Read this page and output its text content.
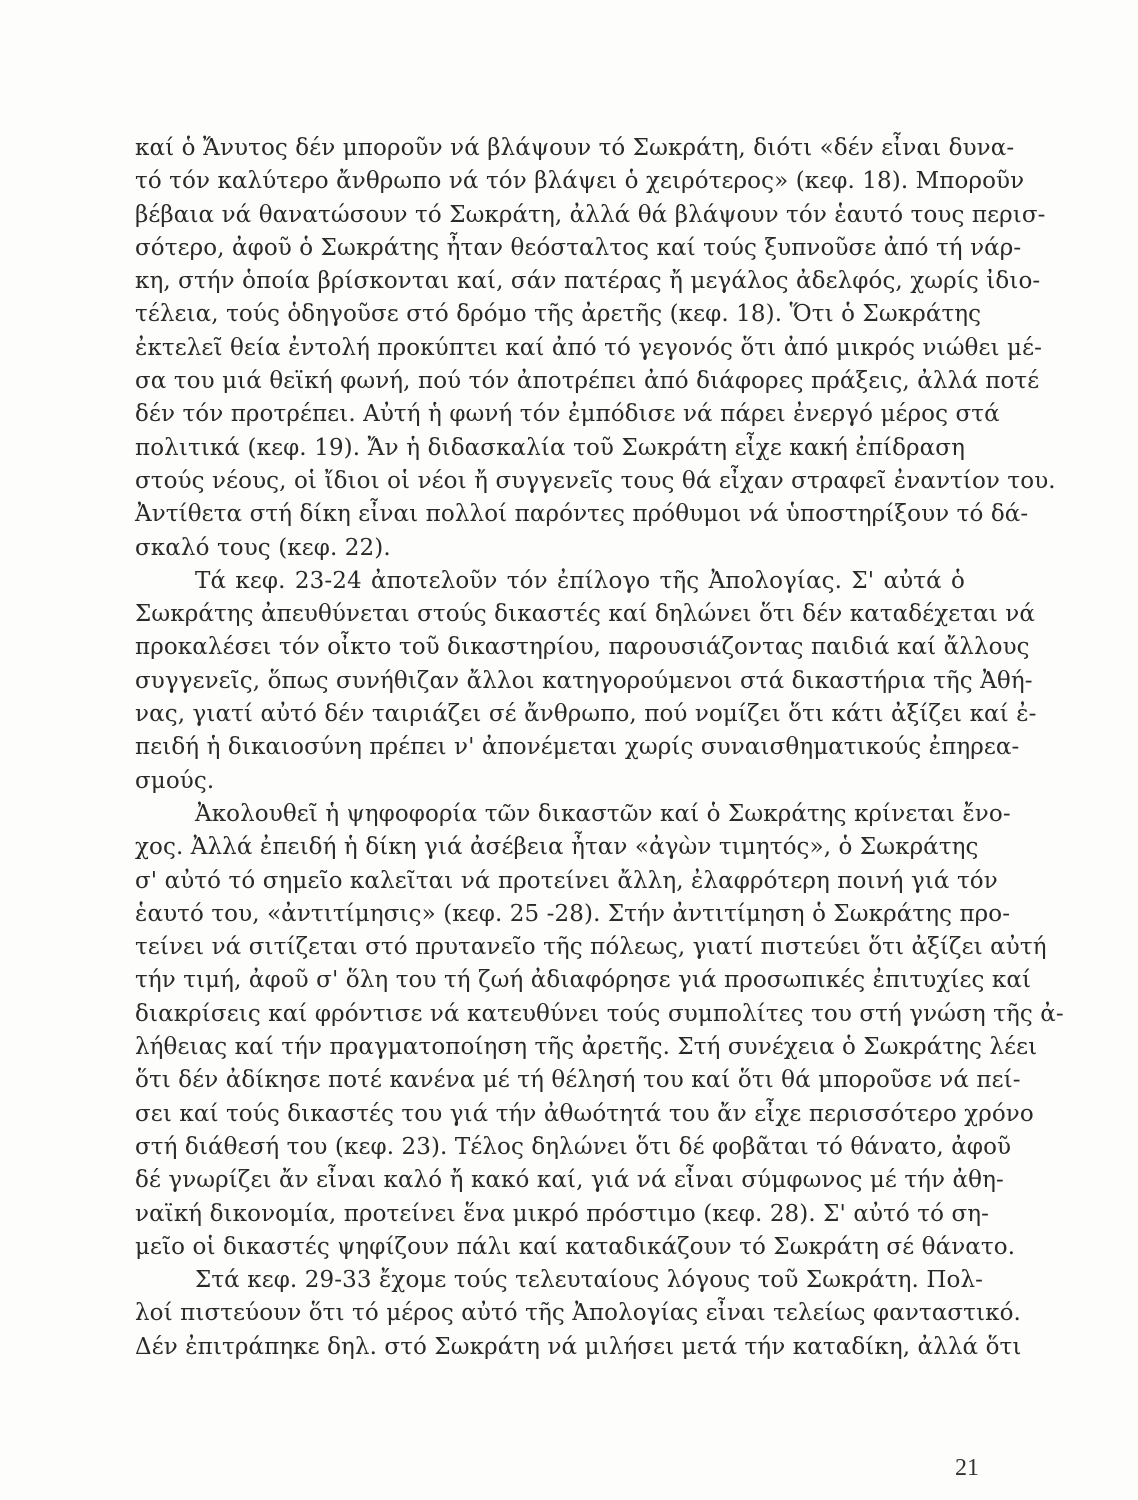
καί ὁ Ἄνυτος δέν μποροῦν νά βλάψουν τό Σωκράτη, διότι «δέν εἶναι δυνα-
τό τόν καλύτερο ἄνθρωπο νά τόν βλάψει ὁ χειρότερος» (κεφ. 18). Μποροῦν
βέβαια νά θανατώσουν τό Σωκράτη, ἀλλά θά βλάψουν τόν ἑαυτό τους περισ-
σότερο, ἀφοῦ ὁ Σωκράτης ἦταν θεόσταλτος καί τούς ξυπνοῦσε ἀπό τή νάρ-
κη, στήν ὁποία βρίσκονται καί, σάν πατέρας ἤ μεγάλος ἀδελφός, χωρίς ἰδιο-
τέλεια, τούς ὁδηγοῦσε στό δρόμο τῆς ἀρετῆς (κεφ. 18). Ὅτι ὁ Σωκράτης
ἐκτελεῖ θεία ἐντολή προκύπτει καί ἀπό τό γεγονός ὅτι ἀπό μικρός νιώθει μέ-
σα του μιά θεϊκή φωνή, πού τόν ἀποτρέπει ἀπό διάφορες πράξεις, ἀλλά ποτέ
δέν τόν προτρέπει. Αὐτή ἡ φωνή τόν ἐμπόδισε νά πάρει ἐνεργό μέρος στά
πολιτικά (κεφ. 19). Ἄν ἡ διδασκαλία τοῦ Σωκράτη εἶχε κακή ἐπίδραση
στούς νέους, οἱ ἴδιοι οἱ νέοι ἤ συγγενεῖς τους θά εἶχαν στραφεῖ ἐναντίον του.
Ἀντίθετα στή δίκη εἶναι πολλοί παρόντες πρόθυμοι νά ὑποστηρίξουν τό δά-
σκαλό τους (κεφ. 22).
Τά κεφ. 23-24 ἀποτελοῦν τόν ἐπίλογο τῆς Ἀπολογίας. Σ' αὐτά ὁ
Σωκράτης ἀπευθύνεται στούς δικαστές καί δηλώνει ὅτι δέν καταδέχεται νά
προκαλέσει τόν οἶκτο τοῦ δικαστηρίου, παρουσιάζοντας παιδιά καί ἄλλους
συγγενεῖς, ὅπως συνήθιζαν ἄλλοι κατηγορούμενοι στά δικαστήρια τῆς Ἀθή-
νας, γιατί αὐτό δέν ταιριάζει σέ ἄνθρωπο, πού νομίζει ὅτι κάτι ἀξίζει καί ἐ-
πειδή ἡ δικαιοσύνη πρέπει ν' ἀπονέμεται χωρίς συναισθηματικούς ἐπηρεα-
σμούς.
Ἀκολουθεῖ ἡ ψηφοφορία τῶν δικαστῶν καί ὁ Σωκράτης κρίνεται ἔνο-
χος. Ἀλλά ἐπειδή ἡ δίκη γιά ἀσέβεια ἦταν «ἀγὼν τιμητός», ὁ Σωκράτης
σ' αὐτό τό σημεῖο καλεῖται νά προτείνει ἄλλη, ἐλαφρότερη ποινή γιά τόν
ἑαυτό του, «ἀντιτίμησις» (κεφ. 25 -28). Στήν ἀντιτίμηση ὁ Σωκράτης προ-
τείνει νά σιτίζεται στό πρυτανεῖο τῆς πόλεως, γιατί πιστεύει ὅτι ἀξίζει αὐτή
τήν τιμή, ἀφοῦ σ' ὅλη του τή ζωή ἀδιαφόρησε γιά προσωπικές ἐπιτυχίες καί
διακρίσεις καί φρόντισε νά κατευθύνει τούς συμπολίτες του στή γνώση τῆς ἀ-
λήθειας καί τήν πραγματοποίηση τῆς ἀρετῆς. Στή συνέχεια ὁ Σωκράτης λέει
ὅτι δέν ἀδίκησε ποτέ κανένα μέ τή θέλησή του καί ὅτι θά μποροῦσε νά πεί-
σει καί τούς δικαστές του γιά τήν ἀθωότητά του ἄν εἶχε περισσότερο χρόνο
στή διάθεσή του (κεφ. 23). Τέλος δηλώνει ὅτι δέ φοβᾶται τό θάνατο, ἀφοῦ
δέ γνωρίζει ἄν εἶναι καλό ἤ κακό καί, γιά νά εἶναι σύμφωνος μέ τήν ἀθη-
ναϊκή δικονομία, προτείνει ἕνα μικρό πρόστιμο (κεφ. 28). Σ' αὐτό τό ση-
μεῖο οἱ δικαστές ψηφίζουν πάλι καί καταδικάζουν τό Σωκράτη σέ θάνατο.
Στά κεφ. 29-33 ἔχομε τούς τελευταίους λόγους τοῦ Σωκράτη. Πολ-
λοί πιστεύουν ὅτι τό μέρος αὐτό τῆς Ἀπολογίας εἶναι τελείως φανταστικό.
Δέν ἐπιτράπηκε δηλ. στό Σωκράτη νά μιλήσει μετά τήν καταδίκη, ἀλλά ὅτι
21
